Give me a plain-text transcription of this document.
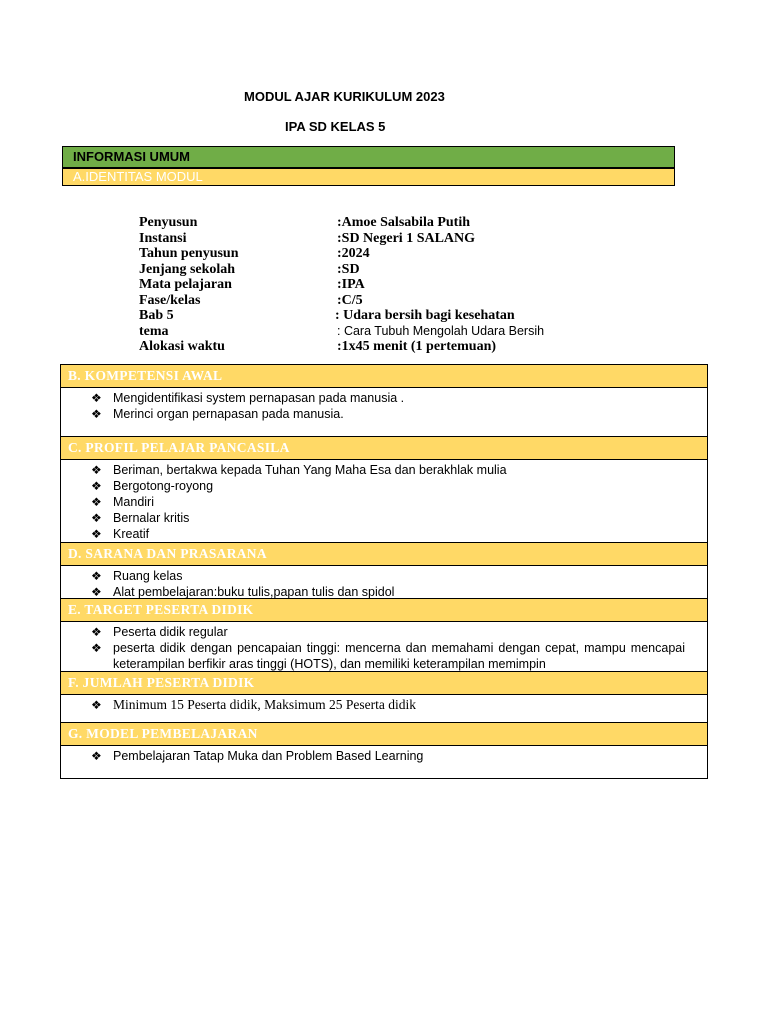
MODUL AJAR KURIKULUM 2023
IPA SD KELAS 5
INFORMASI UMUM
A.IDENTITAS MODUL
Penyusun	:Amoe Salsabila Putih
Instansi	:SD Negeri 1 SALANG
Tahun penyusun	:2024
Jenjang sekolah	:SD
Mata pelajaran	:IPA
Fase/kelas	:C/5
Bab 5	: Udara bersih bagi kesehatan
tema	: Cara Tubuh Mengolah Udara Bersih
Alokasi waktu	:1x45 menit (1 pertemuan)
B. KOMPETENSI AWAL
❖ Mengidentifikasi system pernapasan pada manusia .
❖ Merinci organ pernapasan pada manusia.
C. PROFIL PELAJAR PANCASILA
❖ Beriman, bertakwa kepada Tuhan Yang Maha Esa dan berakhlak mulia
❖ Bergotong-royong
❖ Mandiri
❖ Bernalar kritis
❖ Kreatif
D. SARANA DAN PRASARANA
❖ Ruang kelas
❖ Alat pembelajaran:buku tulis,papan tulis dan spidol
E. TARGET PESERTA DIDIK
❖ Peserta didik regular
❖ peserta didik dengan pencapaian tinggi: mencerna dan memahami dengan cepat, mampu mencapai keterampilan berfikir aras tinggi (HOTS), dan memiliki keterampilan memimpin
F. JUMLAH PESERTA DIDIK
❖ Minimum 15 Peserta didik, Maksimum 25 Peserta didik
G. MODEL PEMBELAJARAN
❖ Pembelajaran Tatap Muka dan Problem Based Learning
